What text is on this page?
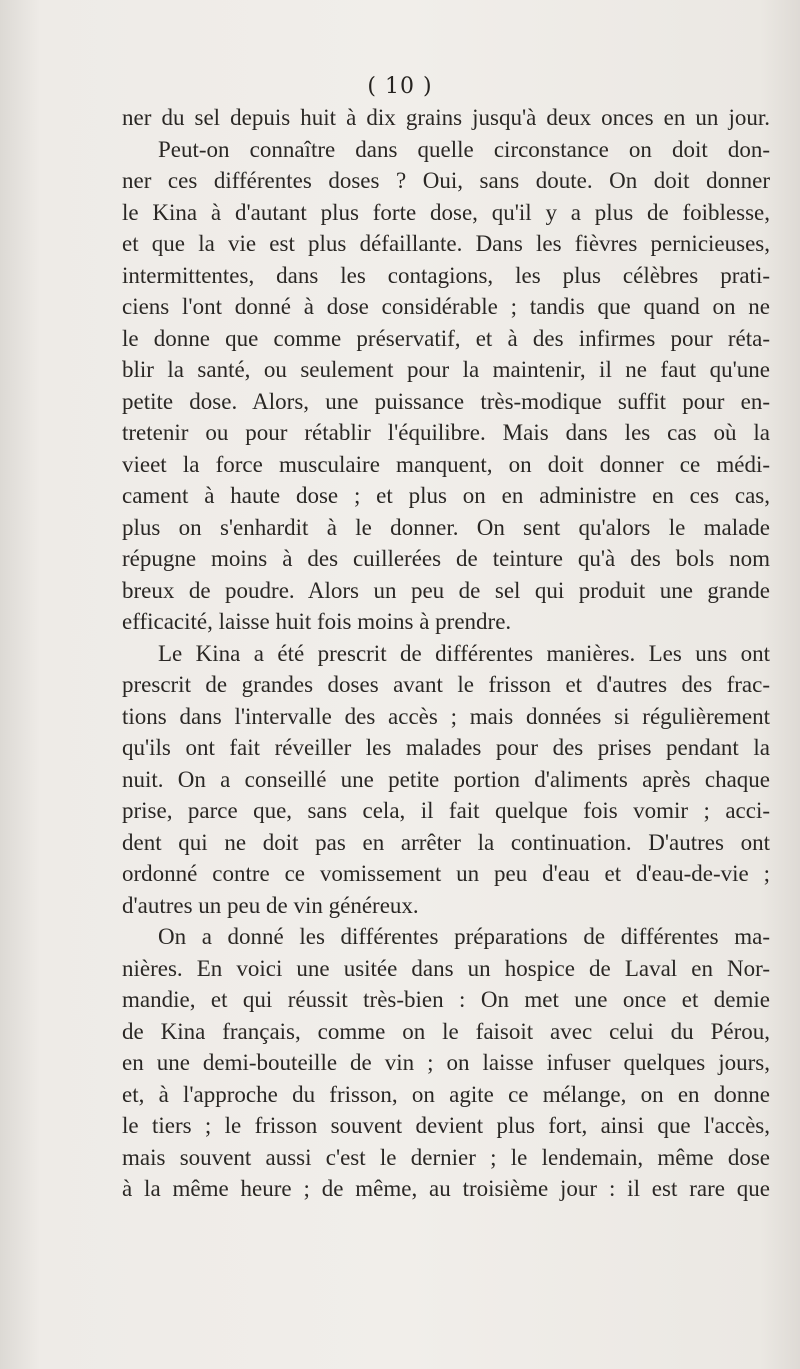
( 10 )
ner du sel depuis huit à dix grains jusqu'à deux onces en un jour.
Peut-on connaître dans quelle circonstance on doit don-
ner ces différentes doses ? Oui, sans doute. On doit donner
le Kina à d'autant plus forte dose, qu'il y a plus de foiblesse,
et que la vie est plus défaillante. Dans les fièvres pernicieuses,
intermittentes, dans les contagions, les plus célèbres prati-
ciens l'ont donné à dose considérable ; tandis que quand on ne
le donne que comme préservatif, et à des infirmes pour réta-
blir la santé, ou seulement pour la maintenir, il ne faut qu'une
petite dose. Alors, une puissance très-modique suffit pour en-
tretenir ou pour rétablir l'équilibre. Mais dans les cas où la
vieet la force musculaire manquent, on doit donner ce médi-
cament à haute dose ; et plus on en administre en ces cas,
plus on s'enhardit à le donner. On sent qu'alors le malade
répugne moins à des cuillerées de teinture qu'à des bols nom
breux de poudre. Alors un peu de sel qui produit une grande
efficacité, laisse huit fois moins à prendre.
Le Kina a été prescrit de différentes manières. Les uns ont
prescrit de grandes doses avant le frisson et d'autres des frac-
tions dans l'intervalle des accès ; mais données si régulièrement
qu'ils ont fait réveiller les malades pour des prises pendant la
nuit. On a conseillé une petite portion d'aliments après chaque
prise, parce que, sans cela, il fait quelque fois vomir ; acci-
dent qui ne doit pas en arrêter la continuation. D'autres ont
ordonné contre ce vomissement un peu d'eau et d'eau-de-vie ;
d'autres un peu de vin généreux.
On a donné les différentes préparations de différentes ma-
nières. En voici une usitée dans un hospice de Laval en Nor-
mandie, et qui réussit très-bien : On met une once et demie
de Kina français, comme on le faisoit avec celui du Pérou,
en une demi-bouteille de vin ; on laisse infuser quelques jours,
et, à l'approche du frisson, on agite ce mélange, on en donne
le tiers ; le frisson souvent devient plus fort, ainsi que l'accès,
mais souvent aussi c'est le dernier ; le lendemain, même dose
à la même heure ; de même, au troisième jour : il est rare que
